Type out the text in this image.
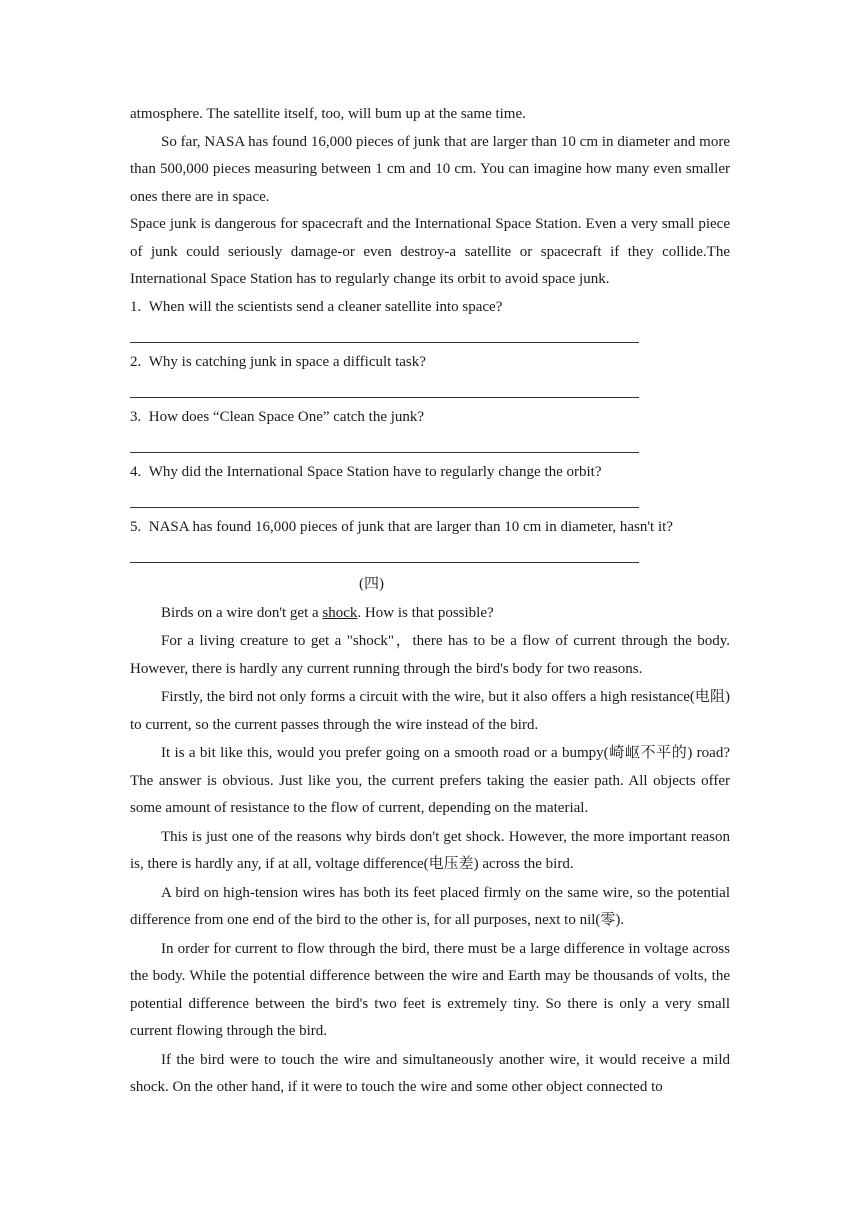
atmosphere. The satellite itself, too, will bum up at the same time.

So far, NASA has found 16,000 pieces of junk that are larger than 10 cm in diameter and more than 500,000 pieces measuring between 1 cm and 10 cm. You can imagine how many even smaller ones there are in space.

Space junk is dangerous for spacecraft and the International Space Station. Even a very small piece of junk could seriously damage-or even destroy-a satellite or spacecraft if they collide.The International Space Station has to regularly change its orbit to avoid space junk.

1. When will the scientists send a cleaner satellite into space?

2. Why is catching junk in space a difficult task?

3. How does “Clean Space One” catch the junk?

4. Why did the International Space Station have to regularly change the orbit?

5. NASA has found 16,000 pieces of junk that are larger than 10 cm in diameter, hasn't it?

(四)

Birds on a wire don't get a shock. How is that possible?

For a living creature to get a "shock"，there has to be a flow of current through the body. However, there is hardly any current running through the bird's body for two reasons.

Firstly, the bird not only forms a circuit with the wire, but it also offers a high resistance(电阻) to current, so the current passes through the wire instead of the bird.

It is a bit like this, would you prefer going on a smooth road or a bumpy(崎岖不平的) road? The answer is obvious. Just like you, the current prefers taking the easier path. All objects offer some amount of resistance to the flow of current, depending on the material.

This is just one of the reasons why birds don't get shock. However, the more important reason is, there is hardly any, if at all, voltage difference(电压差) across the bird.

A bird on high-tension wires has both its feet placed firmly on the same wire, so the potential difference from one end of the bird to the other is, for all purposes, next to nil(零).

In order for current to flow through the bird, there must be a large difference in voltage across the body. While the potential difference between the wire and Earth may be thousands of volts, the potential difference between the bird's two feet is extremely tiny. So there is only a very small current flowing through the bird.

If the bird were to touch the wire and simultaneously another wire, it would receive a mild shock. On the other hand, if it were to touch the wire and some other object connected to
